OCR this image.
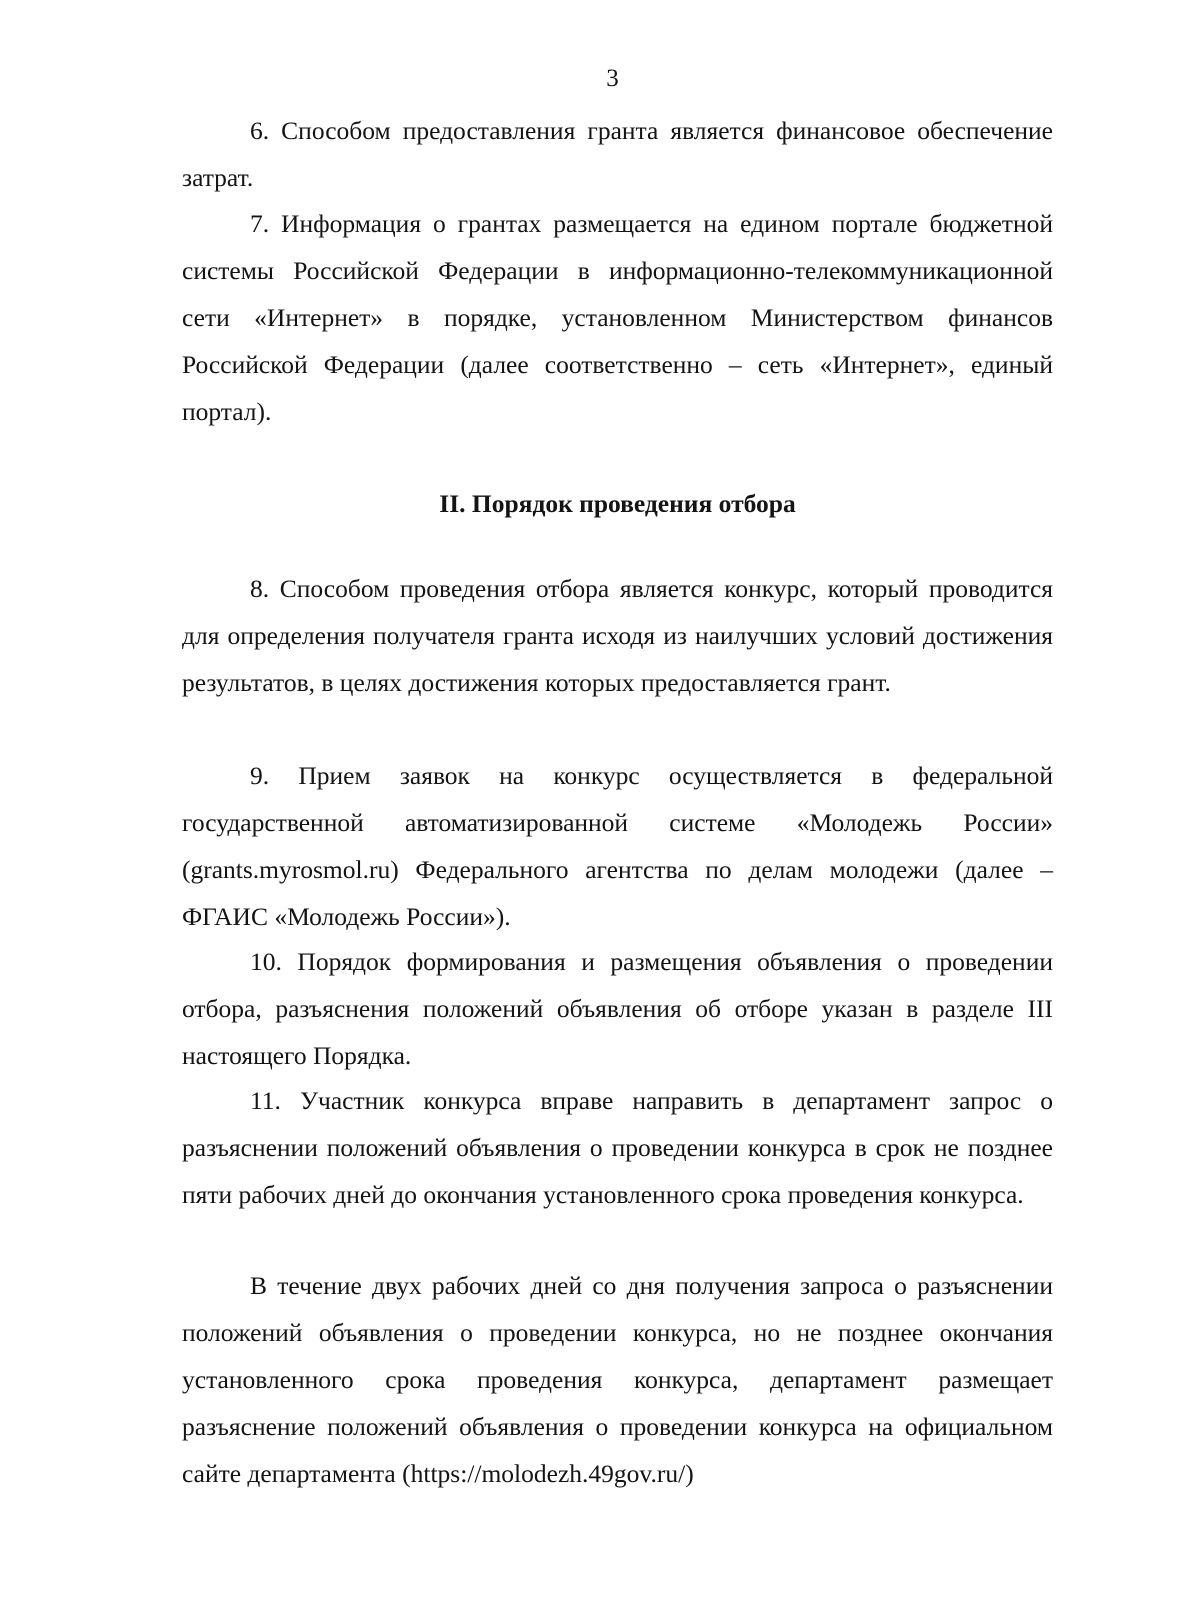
3

6. Способом предоставления гранта является финансовое обеспечение затрат.

7. Информация о грантах размещается на едином портале бюджетной системы Российской Федерации в информационно-телекоммуникационной сети «Интернет» в порядке, установленном Министерством финансов Российской Федерации (далее соответственно – сеть «Интернет», единый портал).

II. Порядок проведения отбора

8. Способом проведения отбора является конкурс, который проводится для определения получателя гранта исходя из наилучших условий достижения результатов, в целях достижения которых предоставляется грант.

9. Прием заявок на конкурс осуществляется в федеральной государственной автоматизированной системе «Молодежь России» (grants.myrosmol.ru) Федерального агентства по делам молодежи (далее – ФГАИС «Молодежь России»).

10. Порядок формирования и размещения объявления о проведении отбора, разъяснения положений объявления об отборе указан в разделе III настоящего Порядка.

11. Участник конкурса вправе направить в департамент запрос о разъяснении положений объявления о проведении конкурса в срок не позднее пяти рабочих дней до окончания установленного срока проведения конкурса.

В течение двух рабочих дней со дня получения запроса о разъяснении положений объявления о проведении конкурса, но не позднее окончания установленного срока проведения конкурса, департамент размещает разъяснение положений объявления о проведении конкурса на официальном сайте департамента (https://molodezh.49gov.ru/)
